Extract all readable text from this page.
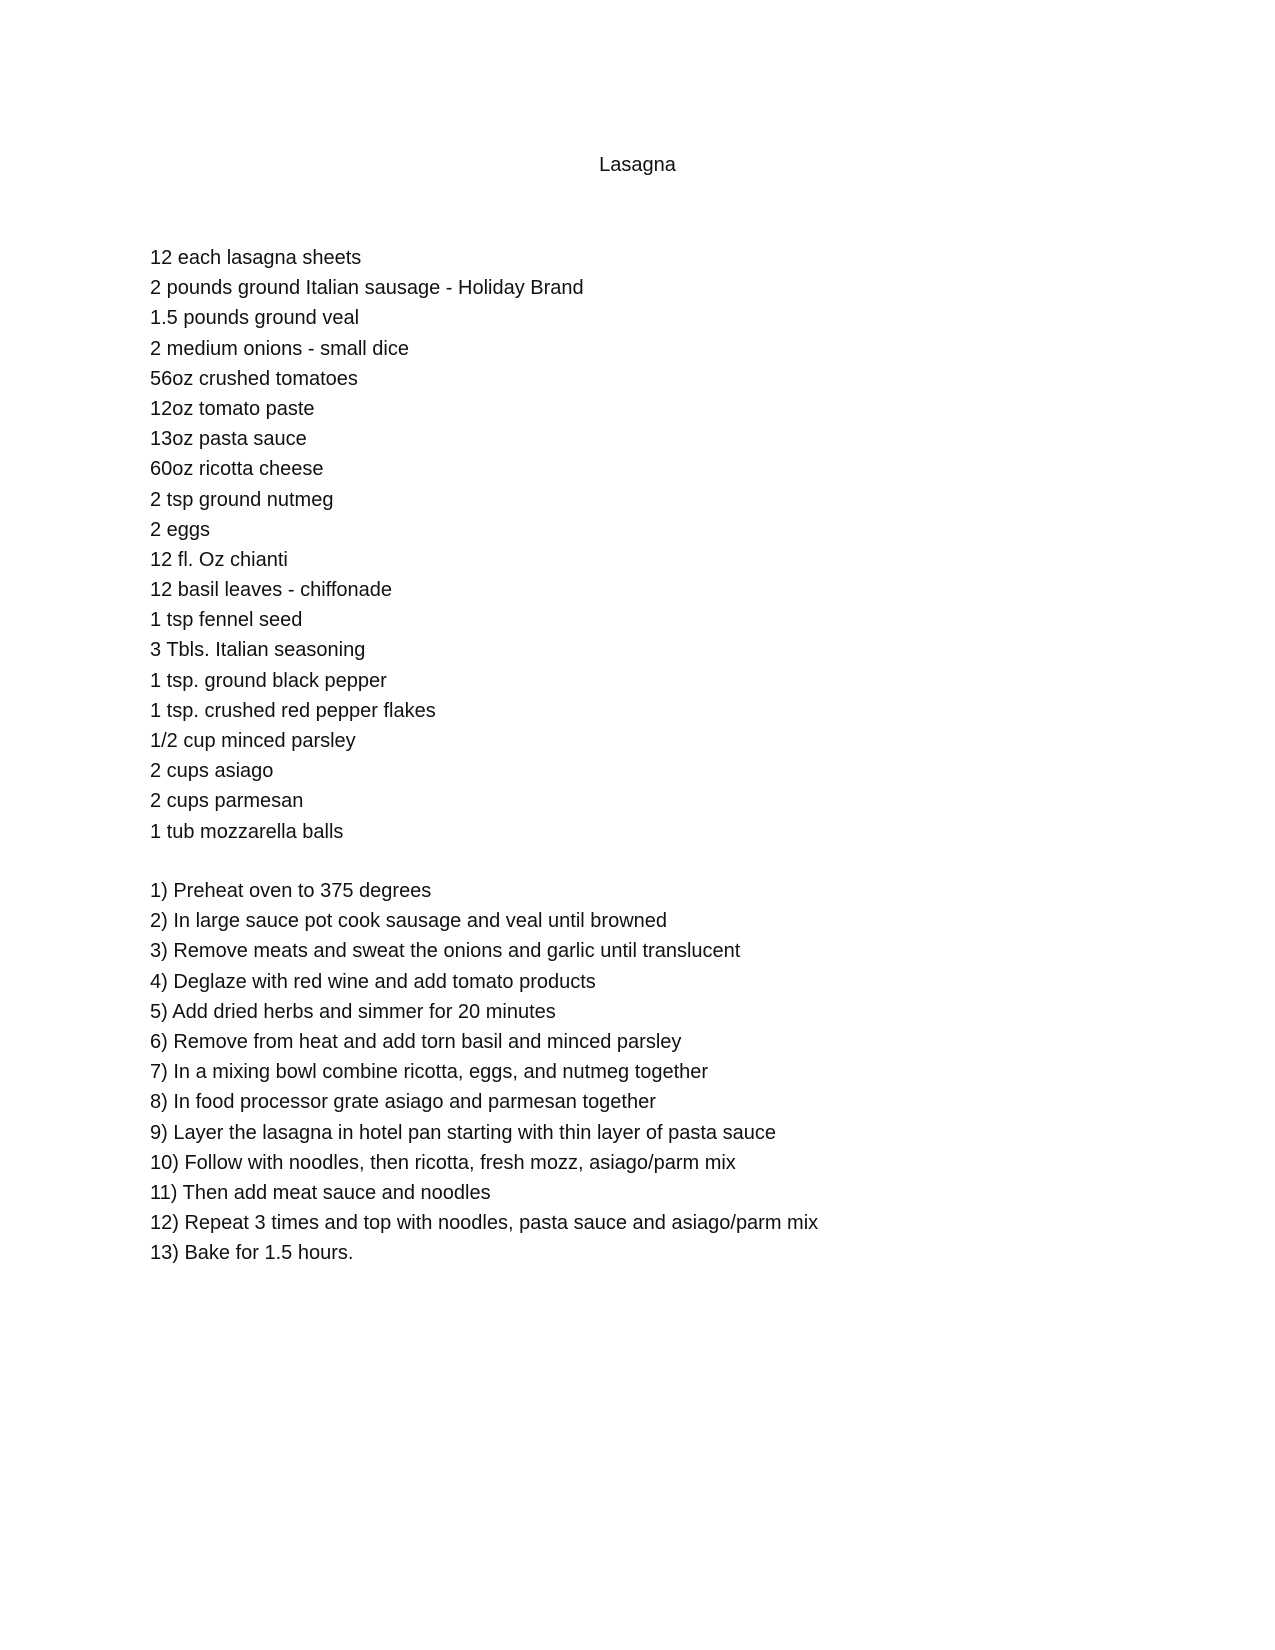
Lasagna
12 each lasagna sheets
2 pounds ground Italian sausage - Holiday Brand
1.5 pounds ground veal
2 medium onions - small dice
56oz crushed tomatoes
12oz tomato paste
13oz pasta sauce
60oz ricotta cheese
2 tsp ground nutmeg
2 eggs
12 fl. Oz chianti
12 basil leaves - chiffonade
1 tsp fennel seed
3 Tbls. Italian seasoning
1 tsp. ground black pepper
1 tsp. crushed red pepper flakes
1/2 cup minced parsley
2 cups asiago
2 cups parmesan
1 tub mozzarella balls
1) Preheat oven to 375 degrees
2) In large sauce pot cook sausage and veal until browned
3) Remove meats and sweat the onions and garlic until translucent
4) Deglaze with red wine and add tomato products
5) Add dried herbs and simmer for 20 minutes
6) Remove from heat and add torn basil and minced parsley
7) In a mixing bowl combine ricotta, eggs, and nutmeg together
8) In food processor grate asiago and parmesan together
9) Layer the lasagna in hotel pan starting with thin layer of pasta sauce
10) Follow with noodles, then ricotta, fresh mozz, asiago/parm mix
11) Then add meat sauce and noodles
12) Repeat 3 times and top with noodles, pasta sauce and asiago/parm mix
13) Bake for 1.5 hours.
